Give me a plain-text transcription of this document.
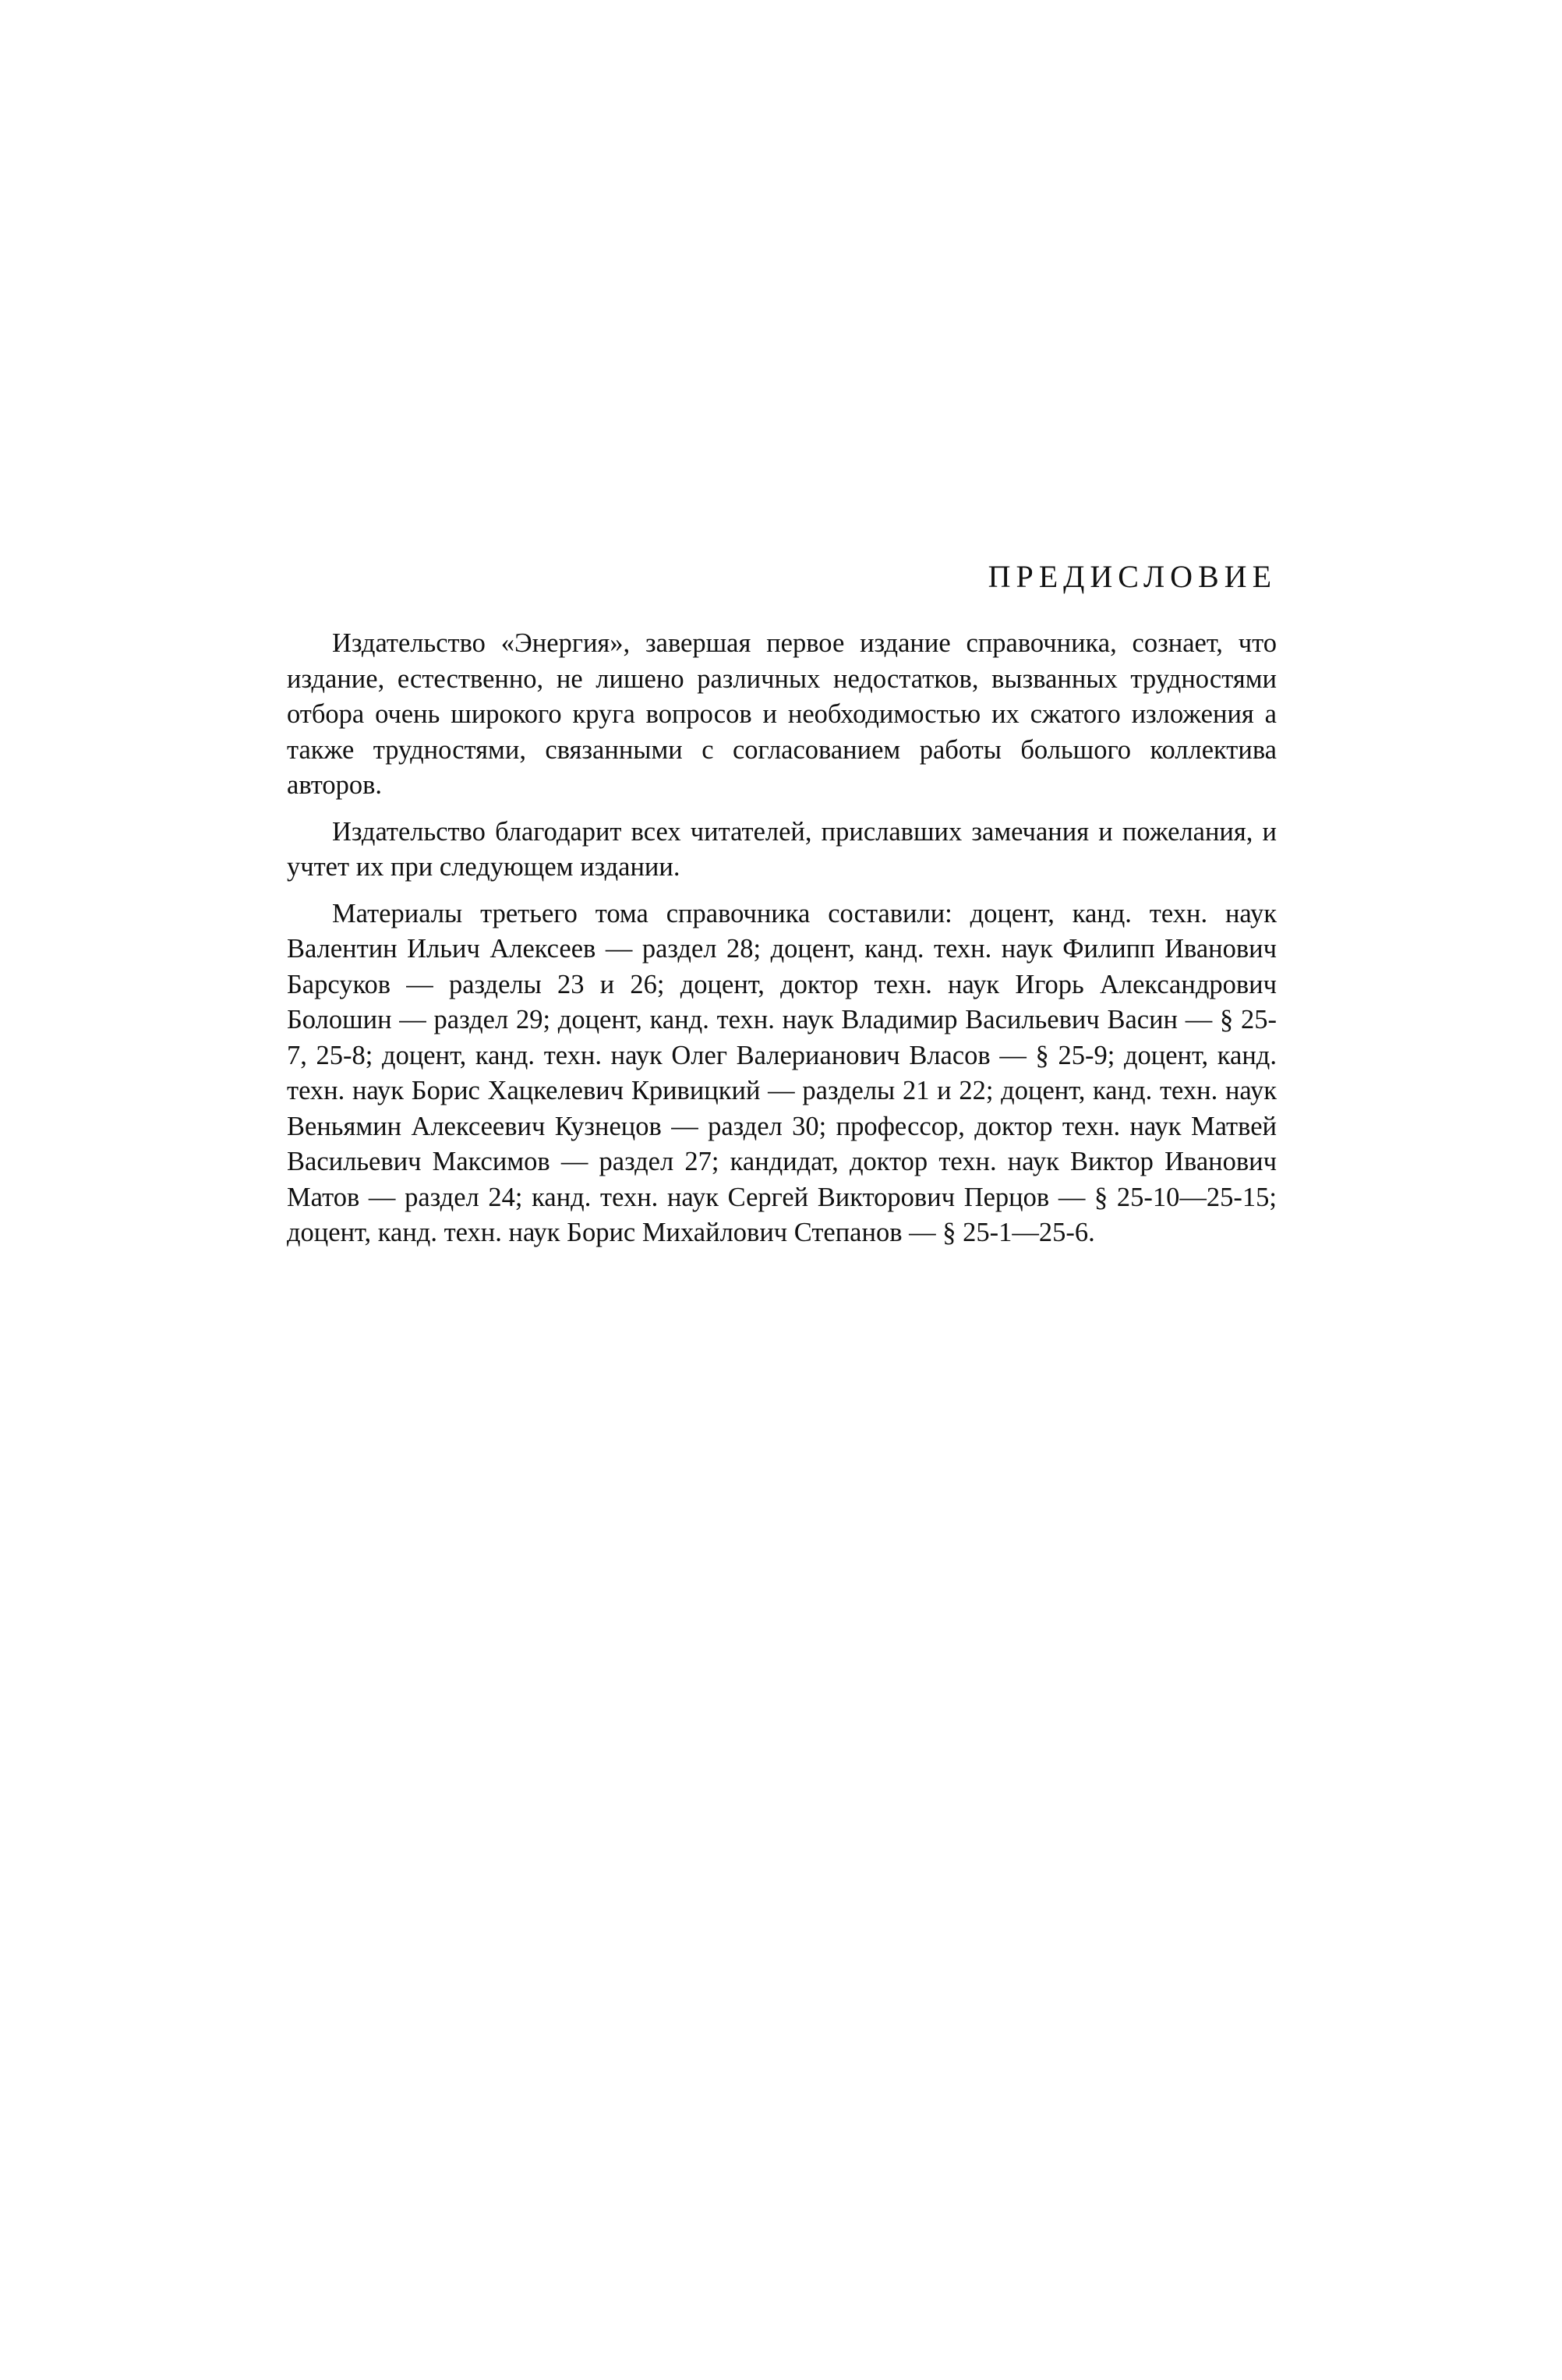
ПРЕДИСЛОВИЕ

Издательство «Энергия», завершая первое издание справочника, сознает, что издание, естественно, не лишено различных недостатков, вызванных трудностями отбора очень широкого круга вопросов и необходимостью их сжатого изложения а также трудностями, связанными с согласованием работы большого коллектива авторов.

Издательство благодарит всех читателей, приславших замечания и пожелания, и учтет их при следующем издании.

Материалы третьего тома справочника составили: доцент, канд. техн. наук Валентин Ильич Алексеев — раздел 28; доцент, канд. техн. наук Филипп Иванович Барсуков — разделы 23 и 26; доцент, доктор техн. наук Игорь Александрович Болошин — раздел 29; доцент, канд. техн. наук Владимир Васильевич Васин — § 25-7, 25-8; доцент, канд. техн. наук Олег Валерианович Власов — § 25-9; доцент, канд. техн. наук Борис Хацкелевич Кривицкий — разделы 21 и 22; доцент, канд. техн. наук Веньямин Алексеевич Кузнецов — раздел 30; профессор, доктор техн. наук Матвей Васильевич Максимов — раздел 27; кандидат, доктор техн. наук Виктор Иванович Матов — раздел 24; канд. техн. наук Сергей Викторович Перцов — § 25-10—25-15; доцент, канд. техн. наук Борис Михайлович Степанов — § 25-1—25-6.
